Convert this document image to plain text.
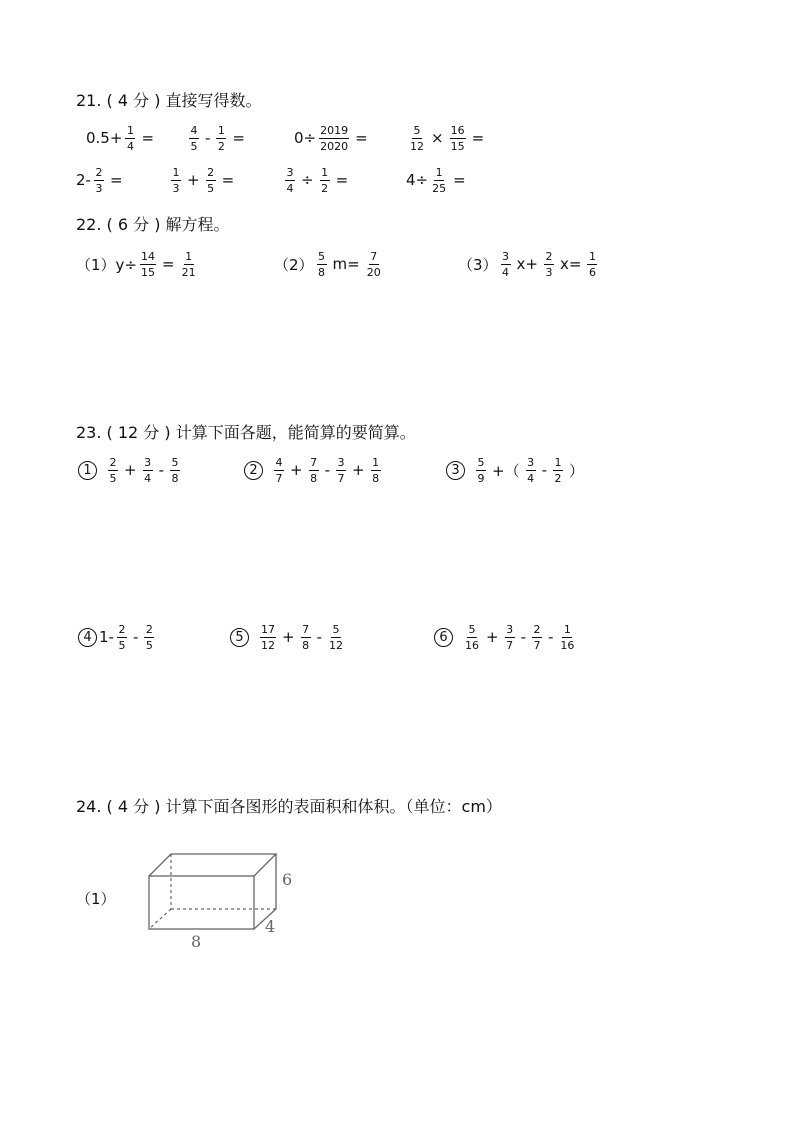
21. ( 4 分 ) 直接写得数。
$0.5+ \frac{1}{4}$ =	$\frac{4}{5} - \frac{1}{2}$ =	$0\div \frac{2019}{2020}$ =	$\frac{5}{12} \times \frac{16}{15}$ =
$2- \frac{2}{3}$ =	$\frac{1}{3} + \frac{2}{5}$ =	$\frac{3}{4} \div \frac{1}{2}$ =	$4\div \frac{1}{25}$ =
22. ( 6 分 ) 解方程。
$(1)y\div \frac{14}{15} = \frac{1}{21}$	$(2) \frac{5}{8} m= \frac{7}{20}$	$(3) \frac{3}{4} x+ \frac{2}{3} x= \frac{1}{6}$
23. ( 12 分 ) 计算下面各题，能简算的要简算。
1	$\frac{2}{5} + \frac{3}{4} - \frac{5}{8}$	2	$\frac{4}{7} + \frac{7}{8} - \frac{3}{7} + \frac{1}{8}$	3	$\frac{5}{9}$ +（ $\frac{3}{4} - \frac{1}{2}$ ）
4 $1- \frac{2}{5} - \frac{2}{5}$	5	$\frac{17}{12} + \frac{7}{8} - \frac{5}{12}$	6	$\frac{5}{16} + \frac{3}{7} - \frac{2}{7} - \frac{1}{16}$
24. ( 4 分 ) 计算下面各图形的表面积和体积。（单位：cm）
（1）
6
4
8
